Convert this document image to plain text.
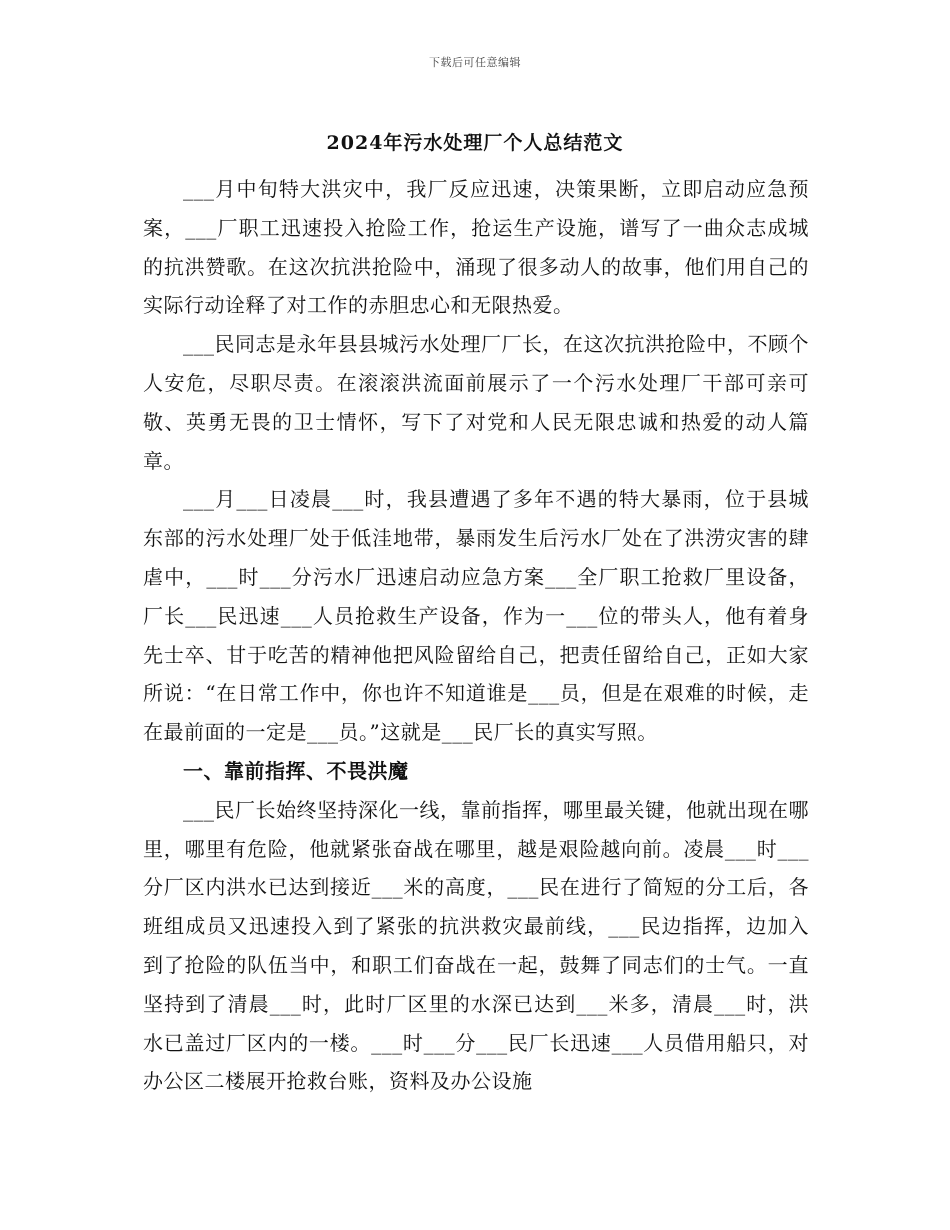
下载后可任意编辑
2024年污水处理厂个人总结范文

___月中旬特大洪灾中，我厂反应迅速，决策果断，立即启动应急预案，___厂职工迅速投入抢险工作，抢运生产设施，谱写了一曲众志成城的抗洪赞歌。在这次抗洪抢险中，涌现了很多动人的故事，他们用自己的实际行动诠释了对工作的赤胆忠心和无限热爱。

___民同志是永年县县城污水处理厂厂长，在这次抗洪抢险中，不顾个人安危，尽职尽责。在滚滚洪流面前展示了一个污水处理厂干部可亲可敬、英勇无畏的卫士情怀，写下了对党和人民无限忠诚和热爱的动人篇章。

___月___日凌晨___时，我县遭遇了多年不遇的特大暴雨，位于县城东部的污水处理厂处于低洼地带，暴雨发生后污水厂处在了洪涝灾害的肆虐中，___时___分污水厂迅速启动应急方案___全厂职工抢救厂里设备，厂长___民迅速___人员抢救生产设备，作为一___位的带头人，他有着身先士卒、甘于吃苦的精神他把风险留给自己，把责任留给自己，正如大家所说：“在日常工作中，你也许不知道谁是___员，但是在艰难的时候，走在最前面的一定是___员。”这就是___民厂长的真实写照。

一、靠前指挥、不畏洪魔

___民厂长始终坚持深化一线，靠前指挥，哪里最关键，他就出现在哪里，哪里有危险，他就紧张奋战在哪里，越是艰险越向前。凌晨___时___分厂区内洪水已达到接近___米的高度，___民在进行了简短的分工后，各班组成员又迅速投入到了紧张的抗洪救灾最前线，___民边指挥，边加入到了抢险的队伍当中，和职工们奋战在一起，鼓舞了同志们的士气。一直坚持到了清晨___时，此时厂区里的水深已达到___米多，清晨___时，洪水已盖过厂区内的一楼。___时___分___民厂长迅速___人员借用船只，对办公区二楼展开抢救台账，资料及办公设施
